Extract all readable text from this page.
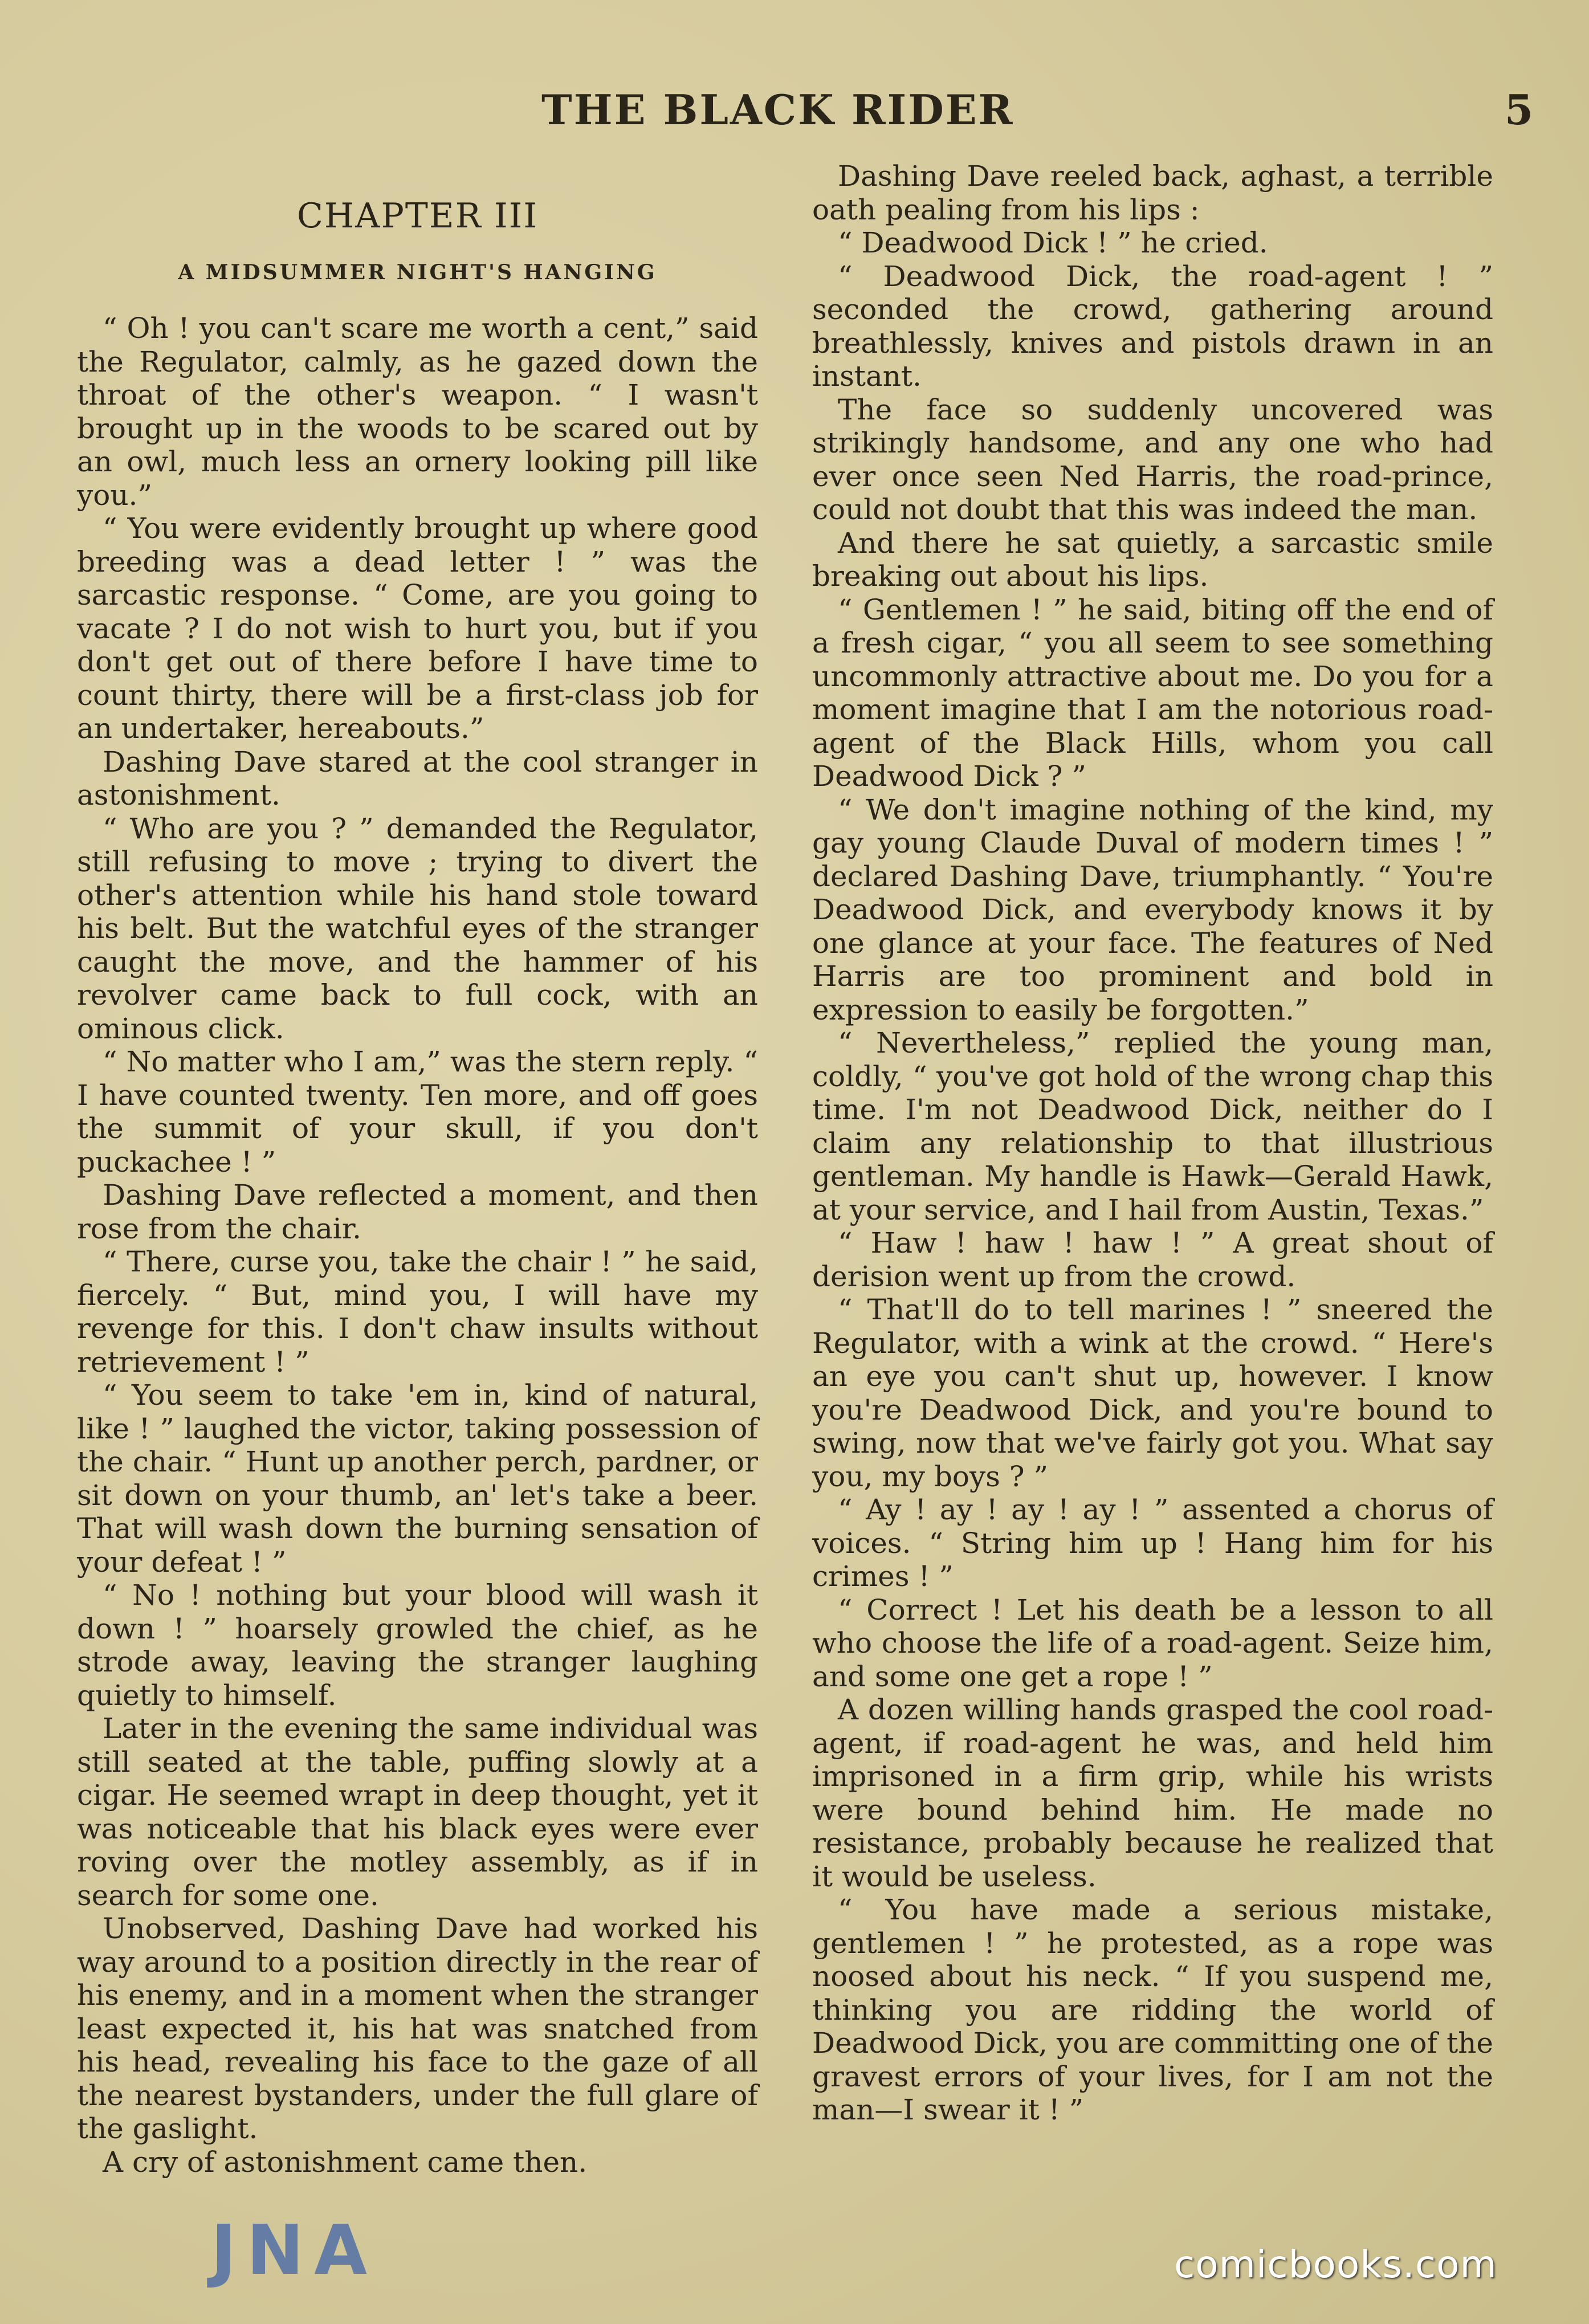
THE BLACK RIDER	5
CHAPTER III
A MIDSUMMER NIGHT'S HANGING

“ Oh ! you can't scare me worth a cent,” said the Regulator, calmly, as he gazed down the throat of the other's weapon. “ I wasn't brought up in the woods to be scared out by an owl, much less an ornery looking pill like you.”

“ You were evidently brought up where good breeding was a dead letter ! ” was the sarcastic response. “ Come, are you going to vacate ? I do not wish to hurt you, but if you don't get out of there before I have time to count thirty, there will be a first-class job for an undertaker, hereabouts.”

Dashing Dave stared at the cool stranger in astonishment.

“ Who are you ? ” demanded the Regulator, still refusing to move ; trying to divert the other's attention while his hand stole toward his belt. But the watchful eyes of the stranger caught the move, and the hammer of his revolver came back to full cock, with an ominous click.

“ No matter who I am,” was the stern reply. “ I have counted twenty. Ten more, and off goes the summit of your skull, if you don't puckachee ! ”

Dashing Dave reflected a moment, and then rose from the chair.

“ There, curse you, take the chair ! ” he said, fiercely. “ But, mind you, I will have my revenge for this. I don't chaw insults without retrievement ! ”

“ You seem to take 'em in, kind of natural, like ! ” laughed the victor, taking possession of the chair. “ Hunt up another perch, pardner, or sit down on your thumb, an' let's take a beer. That will wash down the burning sensation of your defeat ! ”

“ No ! nothing but your blood will wash it down ! ” hoarsely growled the chief, as he strode away, leaving the stranger laughing quietly to himself.

Later in the evening the same individual was still seated at the table, puffing slowly at a cigar. He seemed wrapt in deep thought, yet it was noticeable that his black eyes were ever roving over the motley assembly, as if in search for some one.

Unobserved, Dashing Dave had worked his way around to a position directly in the rear of his enemy, and in a moment when the stranger least expected it, his hat was snatched from his head, revealing his face to the gaze of all the nearest bystanders, under the full glare of the gaslight.

A cry of astonishment came then.

Dashing Dave reeled back, aghast, a terrible oath pealing from his lips :

“ Deadwood Dick ! ” he cried.

“ Deadwood Dick, the road-agent ! ” seconded the crowd, gathering around breathlessly, knives and pistols drawn in an instant.

The face so suddenly uncovered was strikingly handsome, and any one who had ever once seen Ned Harris, the road-prince, could not doubt that this was indeed the man.

And there he sat quietly, a sarcastic smile breaking out about his lips.

“ Gentlemen ! ” he said, biting off the end of a fresh cigar, “ you all seem to see something uncommonly attractive about me. Do you for a moment imagine that I am the notorious road-agent of the Black Hills, whom you call Deadwood Dick ? ”

“ We don't imagine nothing of the kind, my gay young Claude Duval of modern times ! ” declared Dashing Dave, triumphantly. “ You're Deadwood Dick, and everybody knows it by one glance at your face. The features of Ned Harris are too prominent and bold in expression to easily be forgotten.”

“ Nevertheless,” replied the young man, coldly, “ you've got hold of the wrong chap this time. I'm not Deadwood Dick, neither do I claim any relationship to that illustrious gentleman. My handle is Hawk—Gerald Hawk, at your service, and I hail from Austin, Texas.”

“ Haw ! haw ! haw ! ” A great shout of derision went up from the crowd.

“ That'll do to tell marines ! ” sneered the Regulator, with a wink at the crowd. “ Here's an eye you can't shut up, however. I know you're Deadwood Dick, and you're bound to swing, now that we've fairly got you. What say you, my boys ? ”

“ Ay ! ay ! ay ! ay ! ” assented a chorus of voices. “ String him up ! Hang him for his crimes ! ”

“ Correct ! Let his death be a lesson to all who choose the life of a road-agent. Seize him, and some one get a rope ! ”

A dozen willing hands grasped the cool road-agent, if road-agent he was, and held him imprisoned in a firm grip, while his wrists were bound behind him. He made no resistance, probably because he realized that it would be useless.

“ You have made a serious mistake, gentlemen ! ” he protested, as a rope was noosed about his neck. “ If you suspend me, thinking you are ridding the world of Deadwood Dick, you are committing one of the gravest errors of your lives, for I am not the man—I swear it ! ”

JNA	comicbooks.com
